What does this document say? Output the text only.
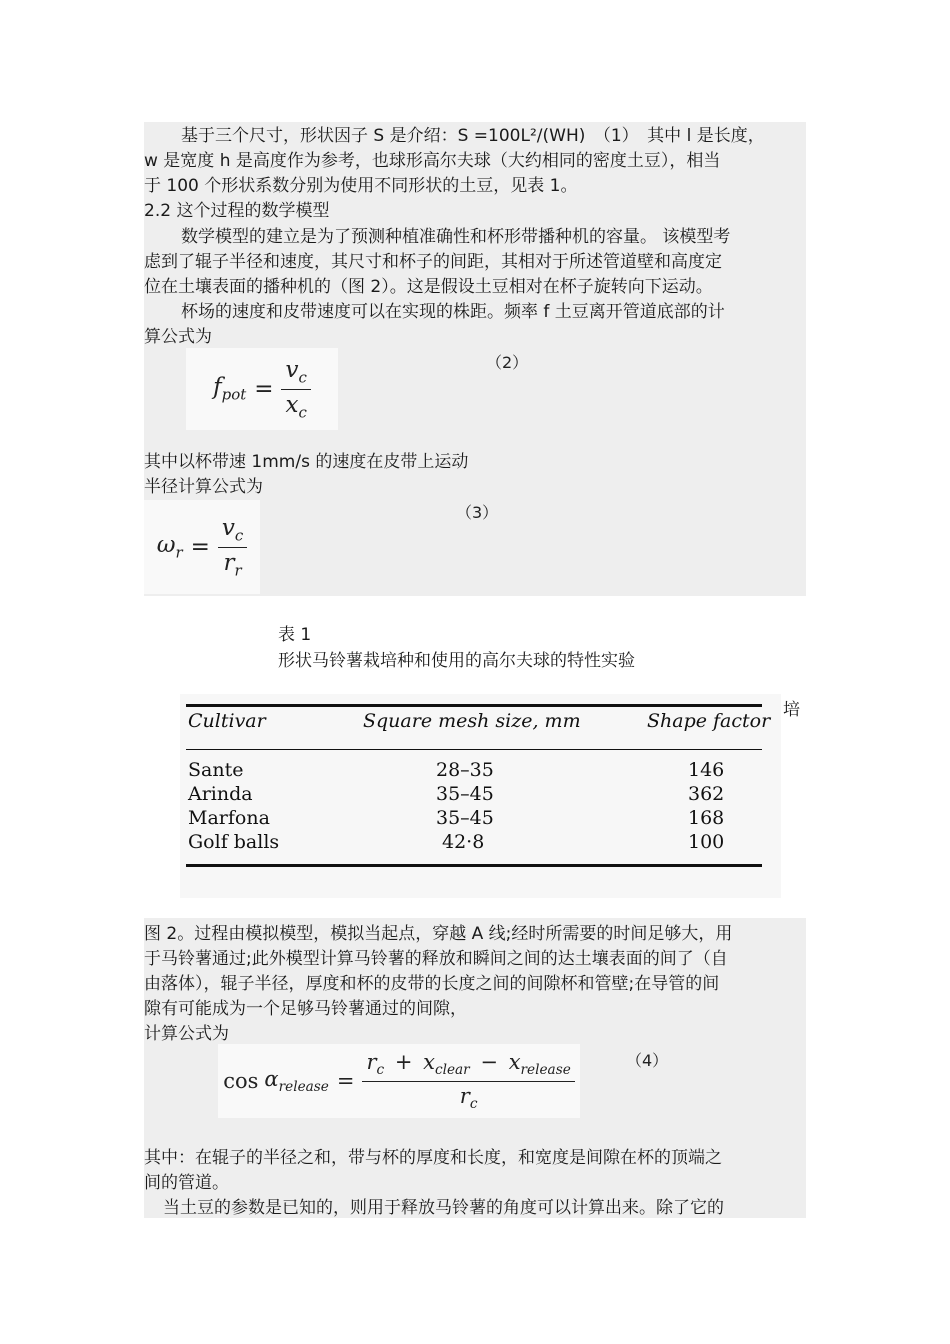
基于三个尺寸，形状因子 S 是介绍：S =100L²/(WH)　（1）　其中 l 是长度，
w 是宽度 h 是高度作为参考，也球形高尔夫球（大约相同的密度土豆），相当
于 100 个形状系数分别为使用不同形状的土豆，见表 1。
2.2 这个过程的数学模型
数学模型的建立是为了预测种植准确性和杯形带播种机的容量。 该模型考
虑到了辊子半径和速度，其尺寸和杯子的间距，其相对于所述管道壁和高度定
位在土壤表面的播种机的（图 2）。这是假设土豆相对在杯子旋转向下运动。
杯场的速度和皮带速度可以在实现的株距。频率 f 土豆离开管道底部的计
算公式为
$f_{pot} = \frac{v_c}{x_c}$	（2）
其中以杯带速 1mm/s 的速度在皮带上运动
半径计算公式为
$\omega_r = \frac{v_c}{r_r}$
（3）
表 1
形状马铃薯栽培种和使用的高尔夫球的特性实验
Cultivar	Square mesh size, mm	Shape factor
Sante	28–35	146
Arinda	35–45	362
Marfona	35–45	168
Golf balls	42·8	100
培
图 2。过程由模拟模型，模拟当起点，穿越 A 线;经时所需要的时间足够大，用
于马铃薯通过;此外模型计算马铃薯的释放和瞬间之间的达土壤表面的间了（自
由落体），辊子半径，厚度和杯的皮带的长度之间的间隙杯和管壁;在导管的间
隙有可能成为一个足够马铃薯通过的间隙，
计算公式为
$\cos \alpha_{release} = \frac{r_c + x_{clear} - x_{release}}{r_c}$	（4）
其中：在辊子的半径之和，带与杯的厚度和长度，和宽度是间隙在杯的顶端之
间的管道。
当土豆的参数是已知的，则用于释放马铃薯的角度可以计算出来。除了它的
